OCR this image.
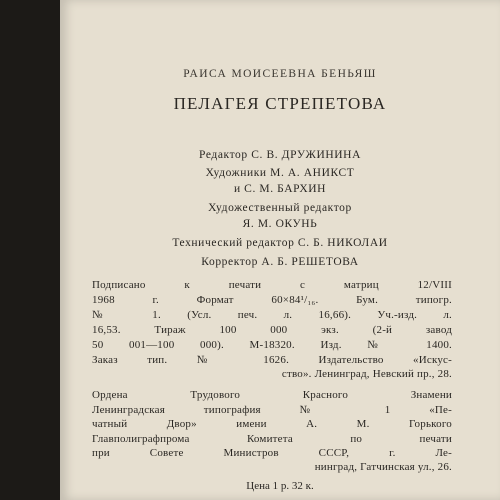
РАИСА МОИСЕЕВНА БЕНЬЯШ
ПЕЛАГЕЯ СТРЕПЕТОВА
Редактор С. В. ДРУЖИНИНА
Художники М. А. АНИКСТ
и С. М. БАРХИН
Художественный редактор
Я. М. ОКУНЬ
Технический редактор С. Б. НИКОЛАИ
Корректор А. Б. РЕШЕТОВА
Подписано к печати с матриц 12/VIII
1968 г. Формат 60×84¹/₁₆. Бум. типогр.
№ 1. (Усл. печ. л. 16,66). Уч.-изд. л.
16,53. Тираж 100 000 экз. (2-й завод
50 001—100 000). М-18320. Изд. № 1400.
Заказ тип. № 1626. Издательство «Искус-
ство». Ленинград, Невский пр., 28.
Ордена Трудового Красного Знамени
Ленинградская типография № 1 «Пе-
чатный Двор» имени А. М. Горького
Главполиграфпрома Комитета по печати
при Совете Министров СССР, г. Ле-
нинград, Гатчинская ул., 26.
Цена 1 р. 32 к.
